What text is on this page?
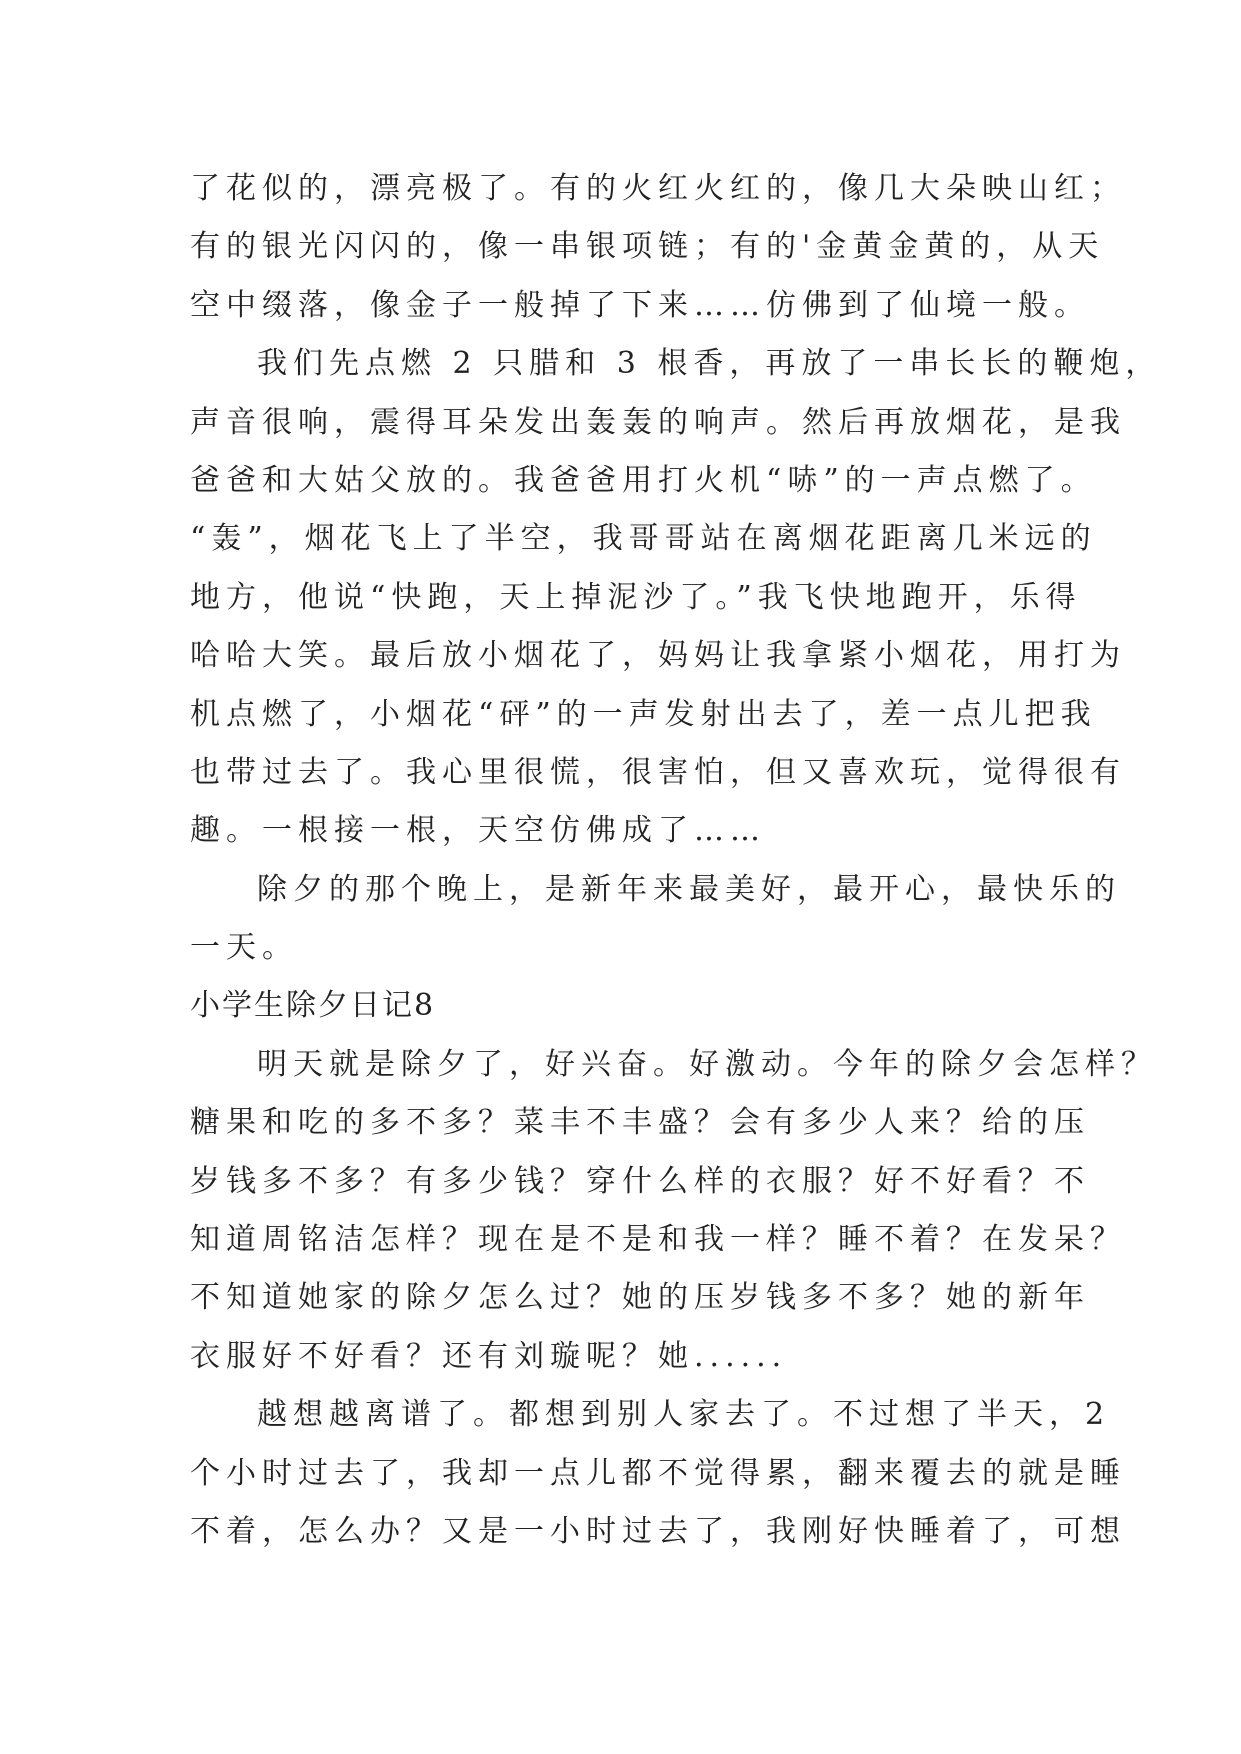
了花似的，漂亮极了。有的火红火红的，像几大朵映山红；
有的银光闪闪的，像一串银项链；有的'金黄金黄的，从天
空中缀落，像金子一般掉了下来……仿佛到了仙境一般。
我们先点燃 2 只腊和 3 根香，再放了一串长长的鞭炮，
声音很响，震得耳朵发出轰轰的响声。然后再放烟花，是我
爸爸和大姑父放的。我爸爸用打火机“哧”的一声点燃了。
“轰”，烟花飞上了半空，我哥哥站在离烟花距离几米远的
地方，他说“快跑，天上掉泥沙了。”我飞快地跑开，乐得
哈哈大笑。最后放小烟花了，妈妈让我拿紧小烟花，用打为
机点燃了，小烟花“砰”的一声发射出去了，差一点儿把我
也带过去了。我心里很慌，很害怕，但又喜欢玩，觉得很有
趣。一根接一根，天空仿佛成了……
除夕的那个晚上，是新年来最美好，最开心，最快乐的
一天。
小学生除夕日记8
明天就是除夕了，好兴奋。好激动。今年的除夕会怎样？
糖果和吃的多不多？菜丰不丰盛？会有多少人来？给的压
岁钱多不多？有多少钱？穿什么样的衣服？好不好看？不
知道周铭洁怎样？现在是不是和我一样？睡不着？在发呆？
不知道她家的除夕怎么过？她的压岁钱多不多？她的新年
衣服好不好看？还有刘璇呢？她......
越想越离谱了。都想到别人家去了。不过想了半天，2
个小时过去了，我却一点儿都不觉得累，翻来覆去的就是睡
不着，怎么办？又是一小时过去了，我刚好快睡着了，可想
